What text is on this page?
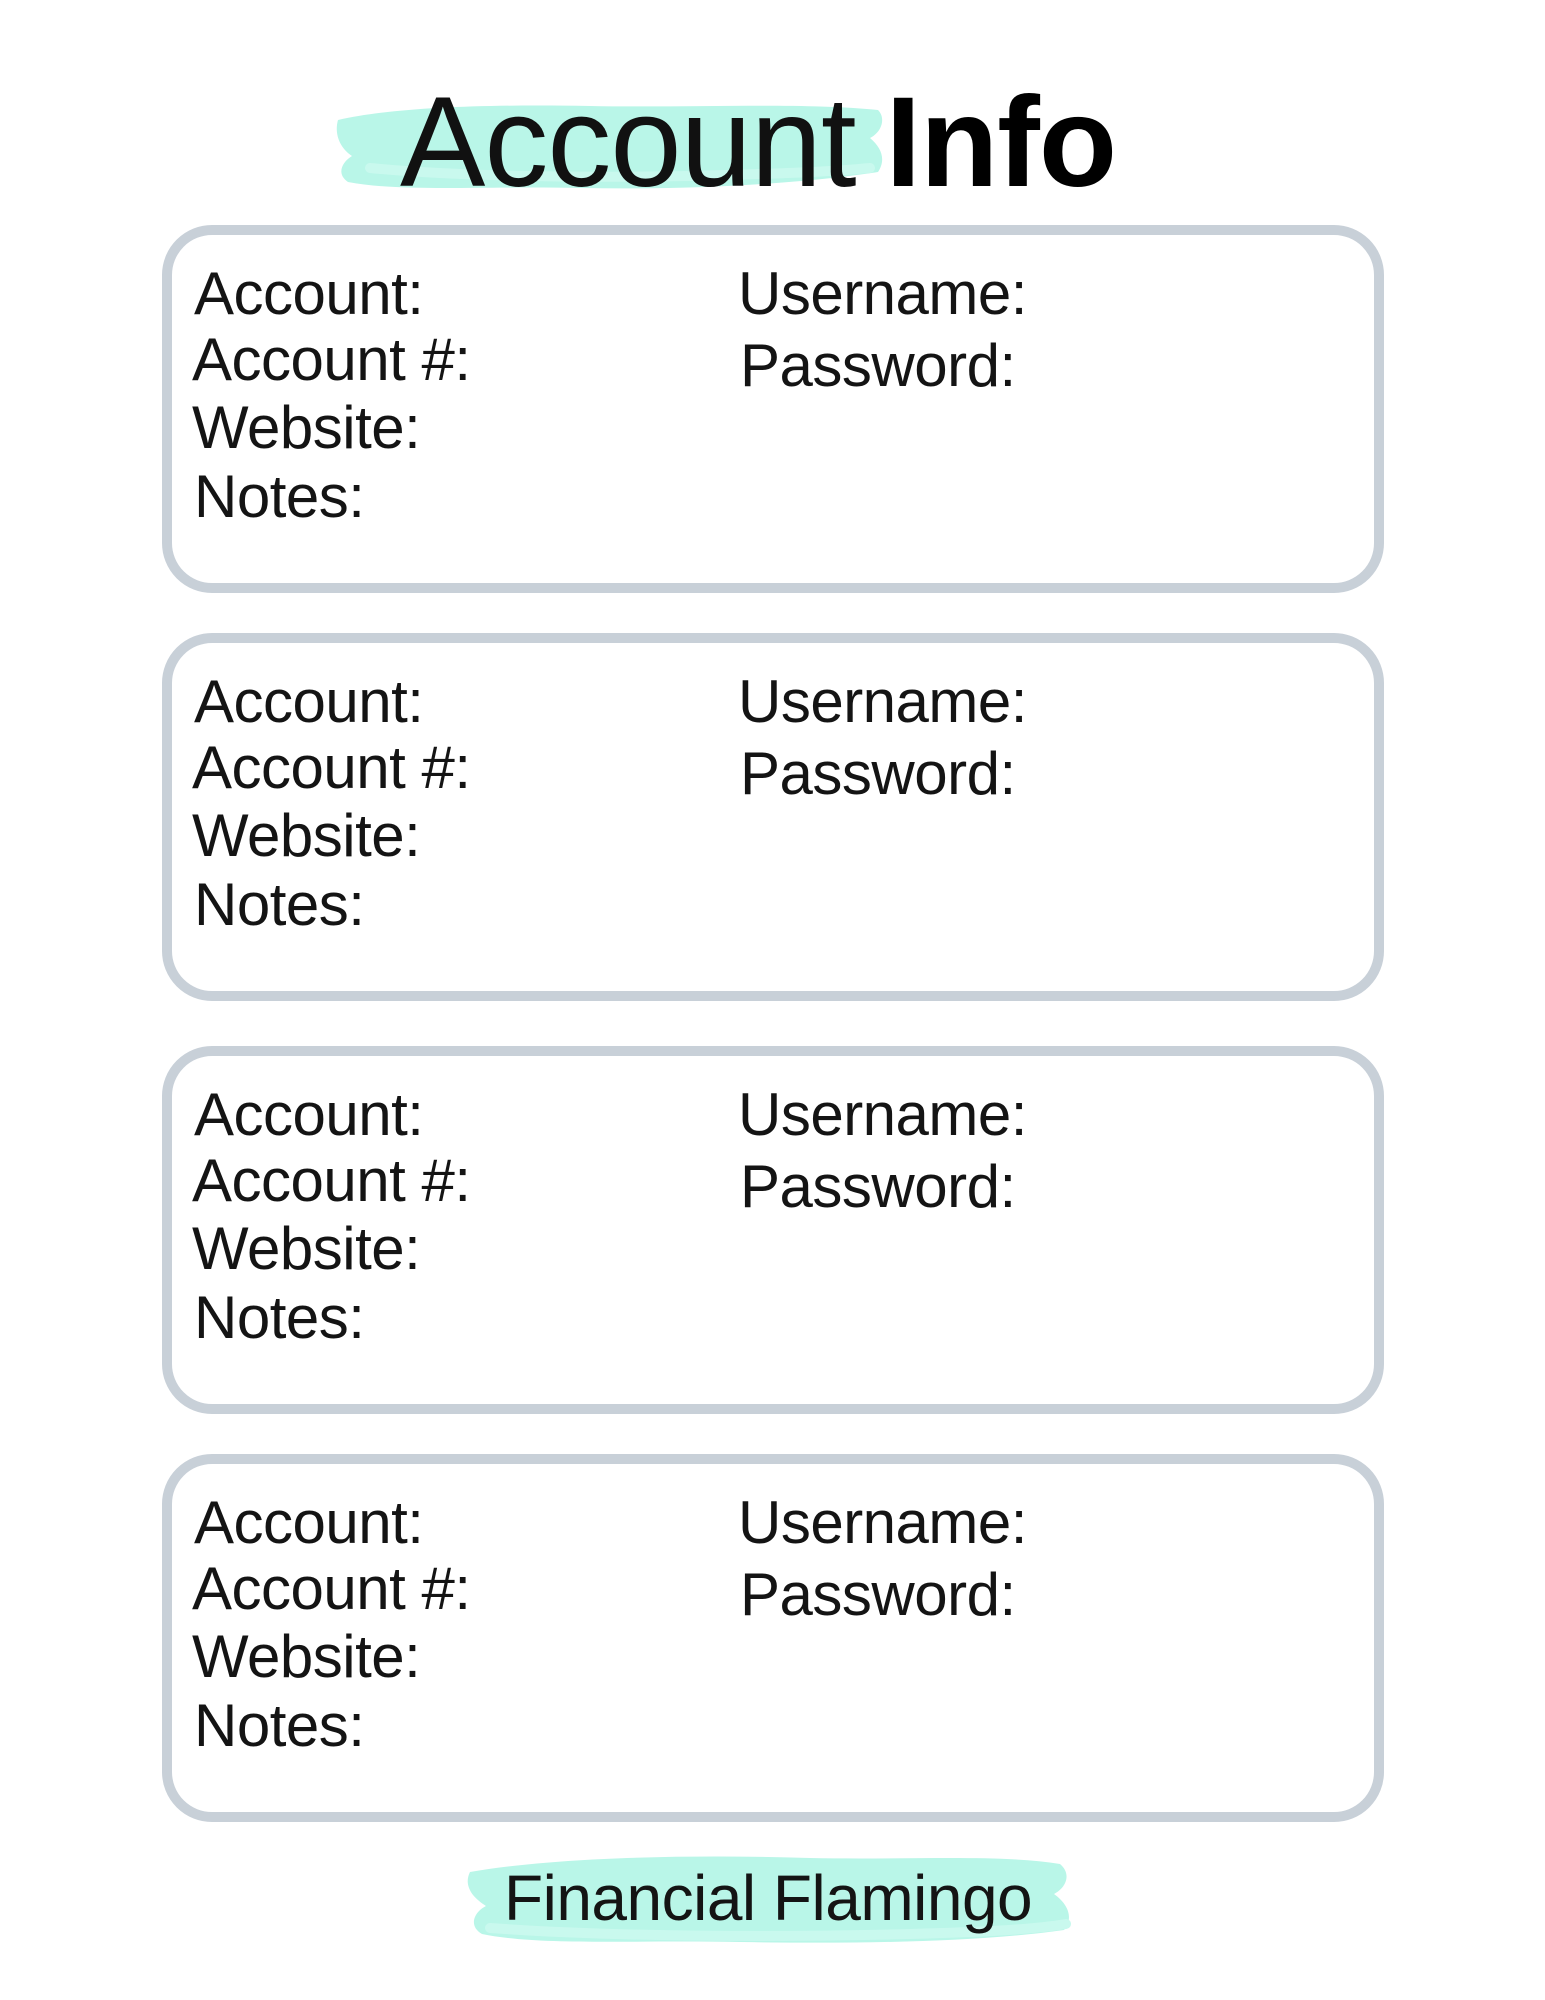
Account Info
Account:
Account #:
Website:
Notes:
Username:
Password:
Account:
Account #:
Website:
Notes:
Username:
Password:
Account:
Account #:
Website:
Notes:
Username:
Password:
Account:
Account #:
Website:
Notes:
Username:
Password:
Financial Flamingo
